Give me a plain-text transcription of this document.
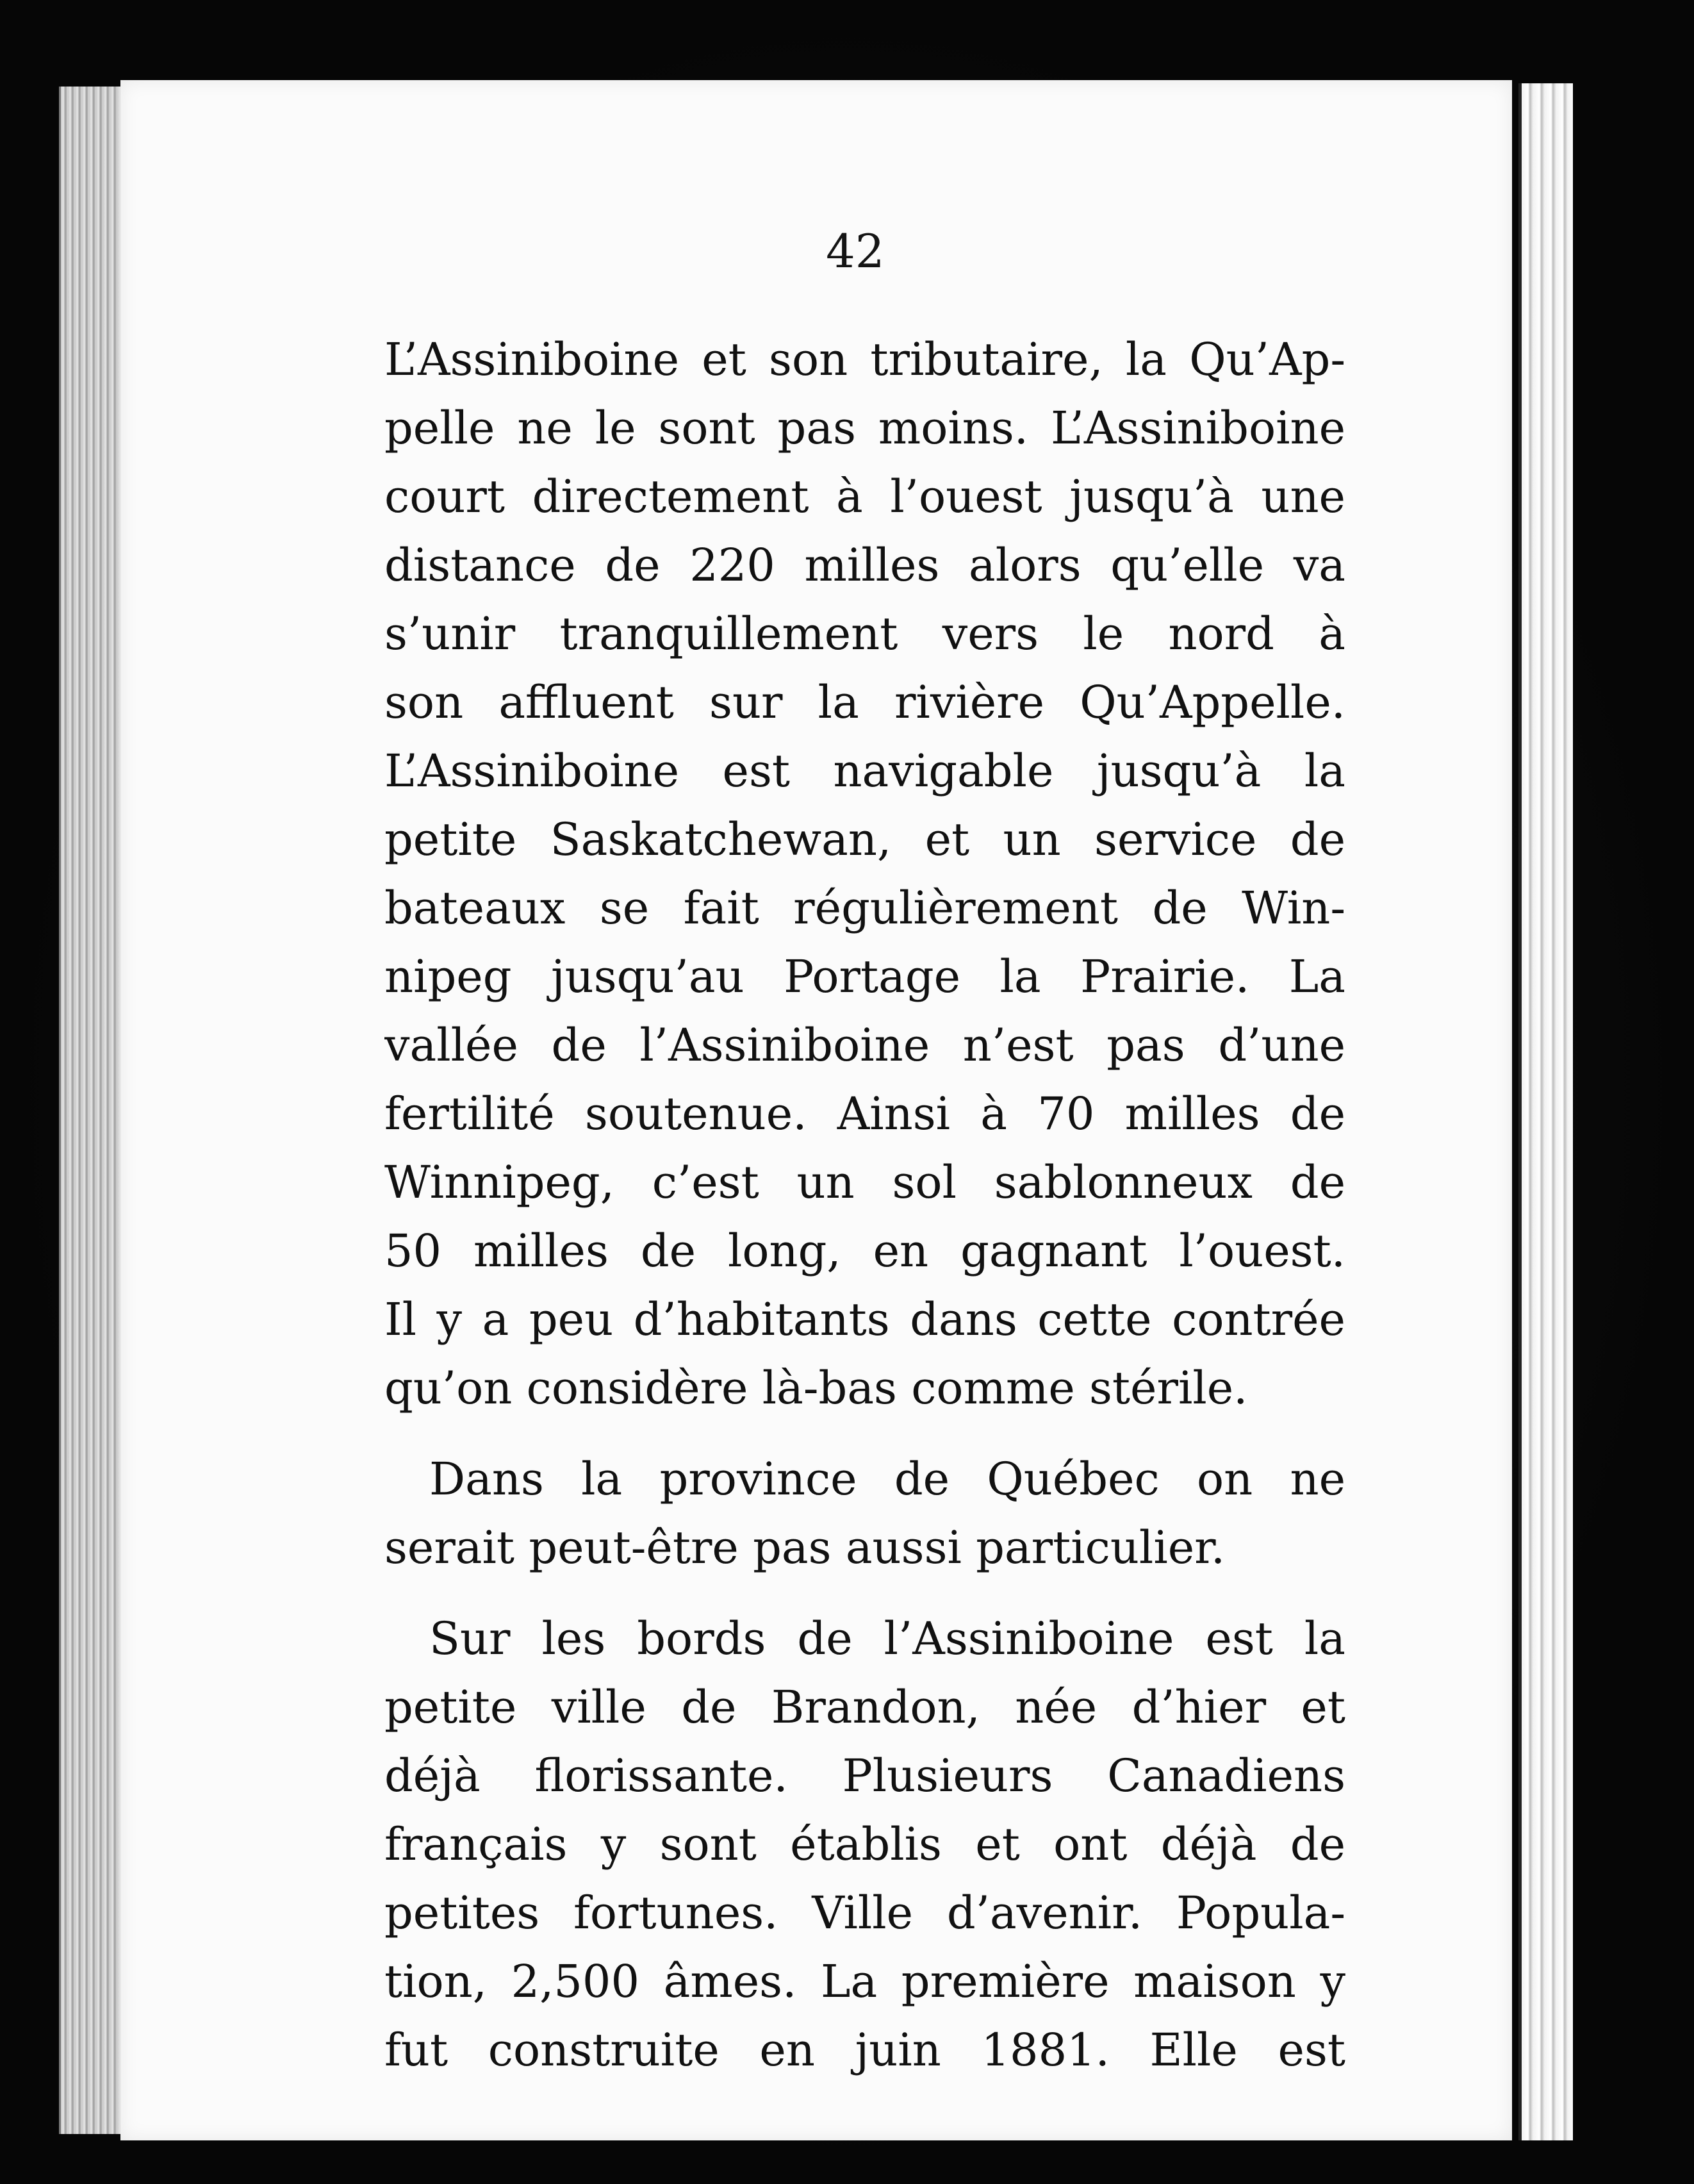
42
L’Assiniboine et son tributaire, la Qu’Ap-
pelle ne le sont pas moins. L’Assiniboine
court directement à l’ouest jusqu’à une
distance de 220 milles alors qu’elle va
s’unir tranquillement vers le nord à
son affluent sur la rivière Qu’Appelle.
L’Assiniboine est navigable jusqu’à la
petite Saskatchewan, et un service de
bateaux se fait régulièrement de Win-
nipeg jusqu’au Portage la Prairie. La
vallée de l’Assiniboine n’est pas d’une
fertilité soutenue. Ainsi à 70 milles de
Winnipeg, c’est un sol sablonneux de
50 milles de long, en gagnant l’ouest.
Il y a peu d’habitants dans cette contrée
qu’on considère là-bas comme stérile.
Dans la province de Québec on ne
serait peut-être pas aussi particulier.
Sur les bords de l’Assiniboine est la
petite ville de Brandon, née d’hier et
déjà florissante. Plusieurs Canadiens
français y sont établis et ont déjà de
petites fortunes. Ville d’avenir. Popula-
tion, 2,500 âmes. La première maison y
fut construite en juin 1881. Elle est
